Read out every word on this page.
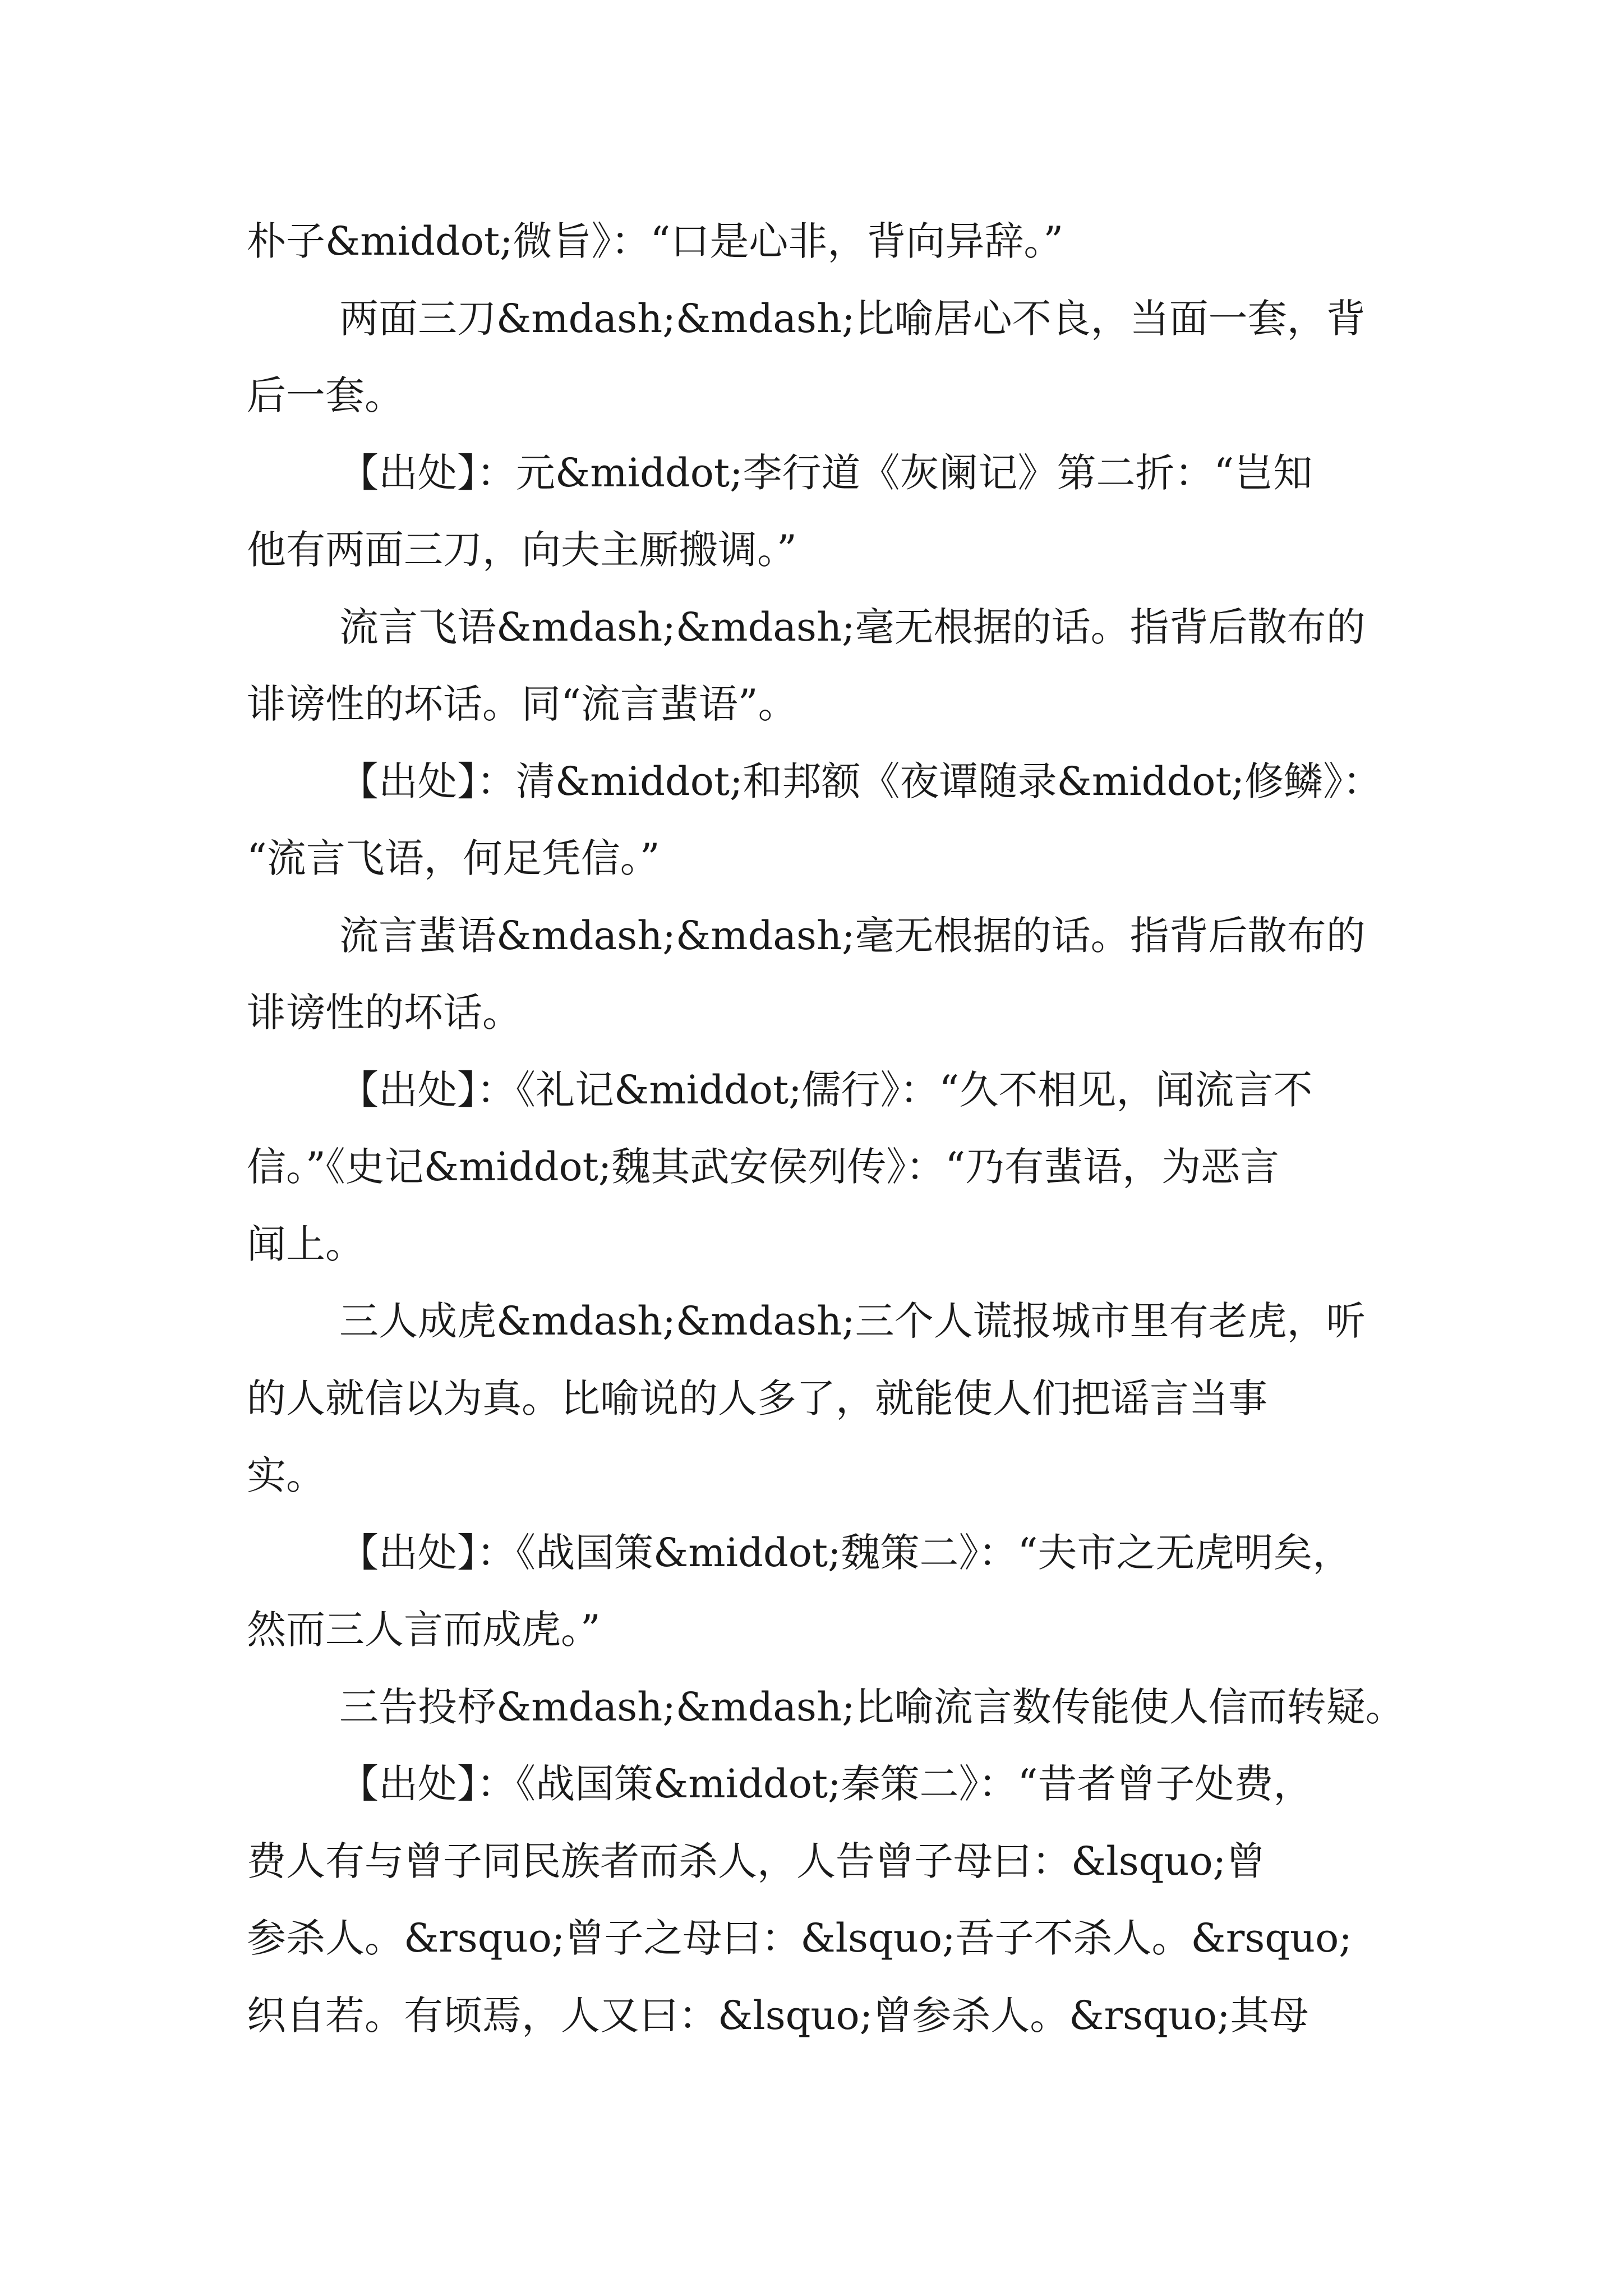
朴子&middot;微旨》：“口是心非，背向异辞。”
两面三刀&mdash;&mdash;比喻居心不良，当面一套，背
后一套。
【出处】：元&middot;李行道《灰阑记》第二折：“岂知
他有两面三刀，向夫主厮搬调。”
流言飞语&mdash;&mdash;毫无根据的话。指背后散布的
诽谤性的坏话。同“流言蜚语”。
【出处】：清&middot;和邦额《夜谭随录&middot;修鳞》：
“流言飞语，何足凭信。”
流言蜚语&mdash;&mdash;毫无根据的话。指背后散布的
诽谤性的坏话。
【出处】：《礼记&middot;儒行》：“久不相见，闻流言不
信。”《史记&middot;魏其武安侯列传》：“乃有蜚语，为恶言
闻上。
三人成虎&mdash;&mdash;三个人谎报城市里有老虎，听
的人就信以为真。比喻说的人多了，就能使人们把谣言当事
实。
【出处】：《战国策&middot;魏策二》：“夫市之无虎明矣，
然而三人言而成虎。”
三告投杼&mdash;&mdash;比喻流言数传能使人信而转疑。
【出处】：《战国策&middot;秦策二》：“昔者曾子处费，
费人有与曾子同民族者而杀人，人告曾子母曰：&lsquo;曾
参杀人。&rsquo;曾子之母曰：&lsquo;吾子不杀人。&rsquo;
织自若。有顷焉，人又曰：&lsquo;曾参杀人。&rsquo;其母
